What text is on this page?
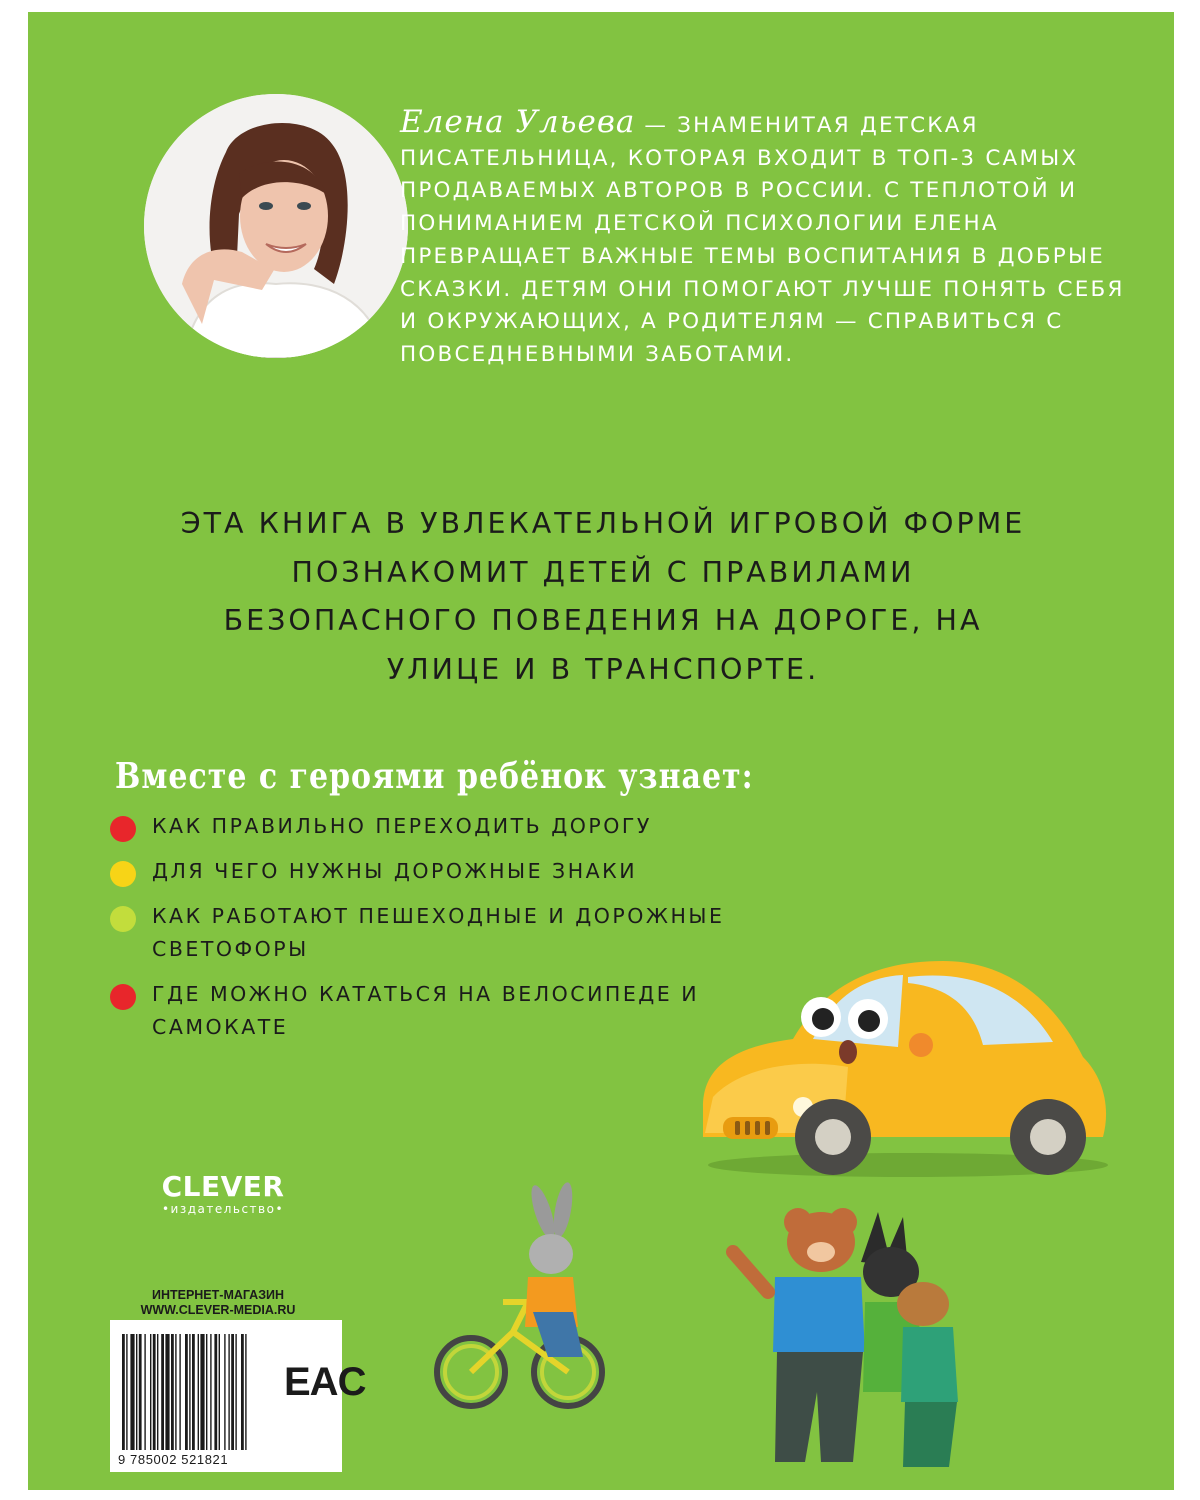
Елена Ульева — ЗНАМЕНИТАЯ ДЕТСКАЯ ПИСАТЕЛЬНИЦА, КОТОРАЯ ВХОДИТ В ТОП-3 САМЫХ ПРОДАВАЕМЫХ АВТОРОВ В РОССИИ. С ТЕПЛОТОЙ И ПОНИМАНИЕМ ДЕТСКОЙ ПСИХОЛОГИИ ЕЛЕНА ПРЕВРАЩАЕТ ВАЖНЫЕ ТЕМЫ ВОСПИТАНИЯ В ДОБРЫЕ СКАЗКИ. ДЕТЯМ ОНИ ПОМОГАЮТ ЛУЧШЕ ПОНЯТЬ СЕБЯ И ОКРУЖАЮЩИХ, А РОДИТЕЛЯМ — СПРАВИТЬСЯ С ПОВСЕДНЕВНЫМИ ЗАБОТАМИ.

ЭТА КНИГА В УВЛЕКАТЕЛЬНОЙ ИГРОВОЙ ФОРМЕ ПОЗНАКОМИТ ДЕТЕЙ С ПРАВИЛАМИ БЕЗОПАСНОГО ПОВЕДЕНИЯ НА ДОРОГЕ, НА УЛИЦЕ И В ТРАНСПОРТЕ.

Вместе с героями ребёнок узнает:
КАК ПРАВИЛЬНО ПЕРЕХОДИТЬ ДОРОГУ
ДЛЯ ЧЕГО НУЖНЫ ДОРОЖНЫЕ ЗНАКИ
КАК РАБОТАЮТ ПЕШЕХОДНЫЕ И ДОРОЖНЫЕ СВЕТОФОРЫ
ГДЕ МОЖНО КАТАТЬСЯ НА ВЕЛОСИПЕДЕ И САМОКАТЕ
CLEVER
•издательство•
ИНТЕРНЕТ-МАГАЗИН
WWW.CLEVER-MEDIA.RU
9 785002 521821
EAC
